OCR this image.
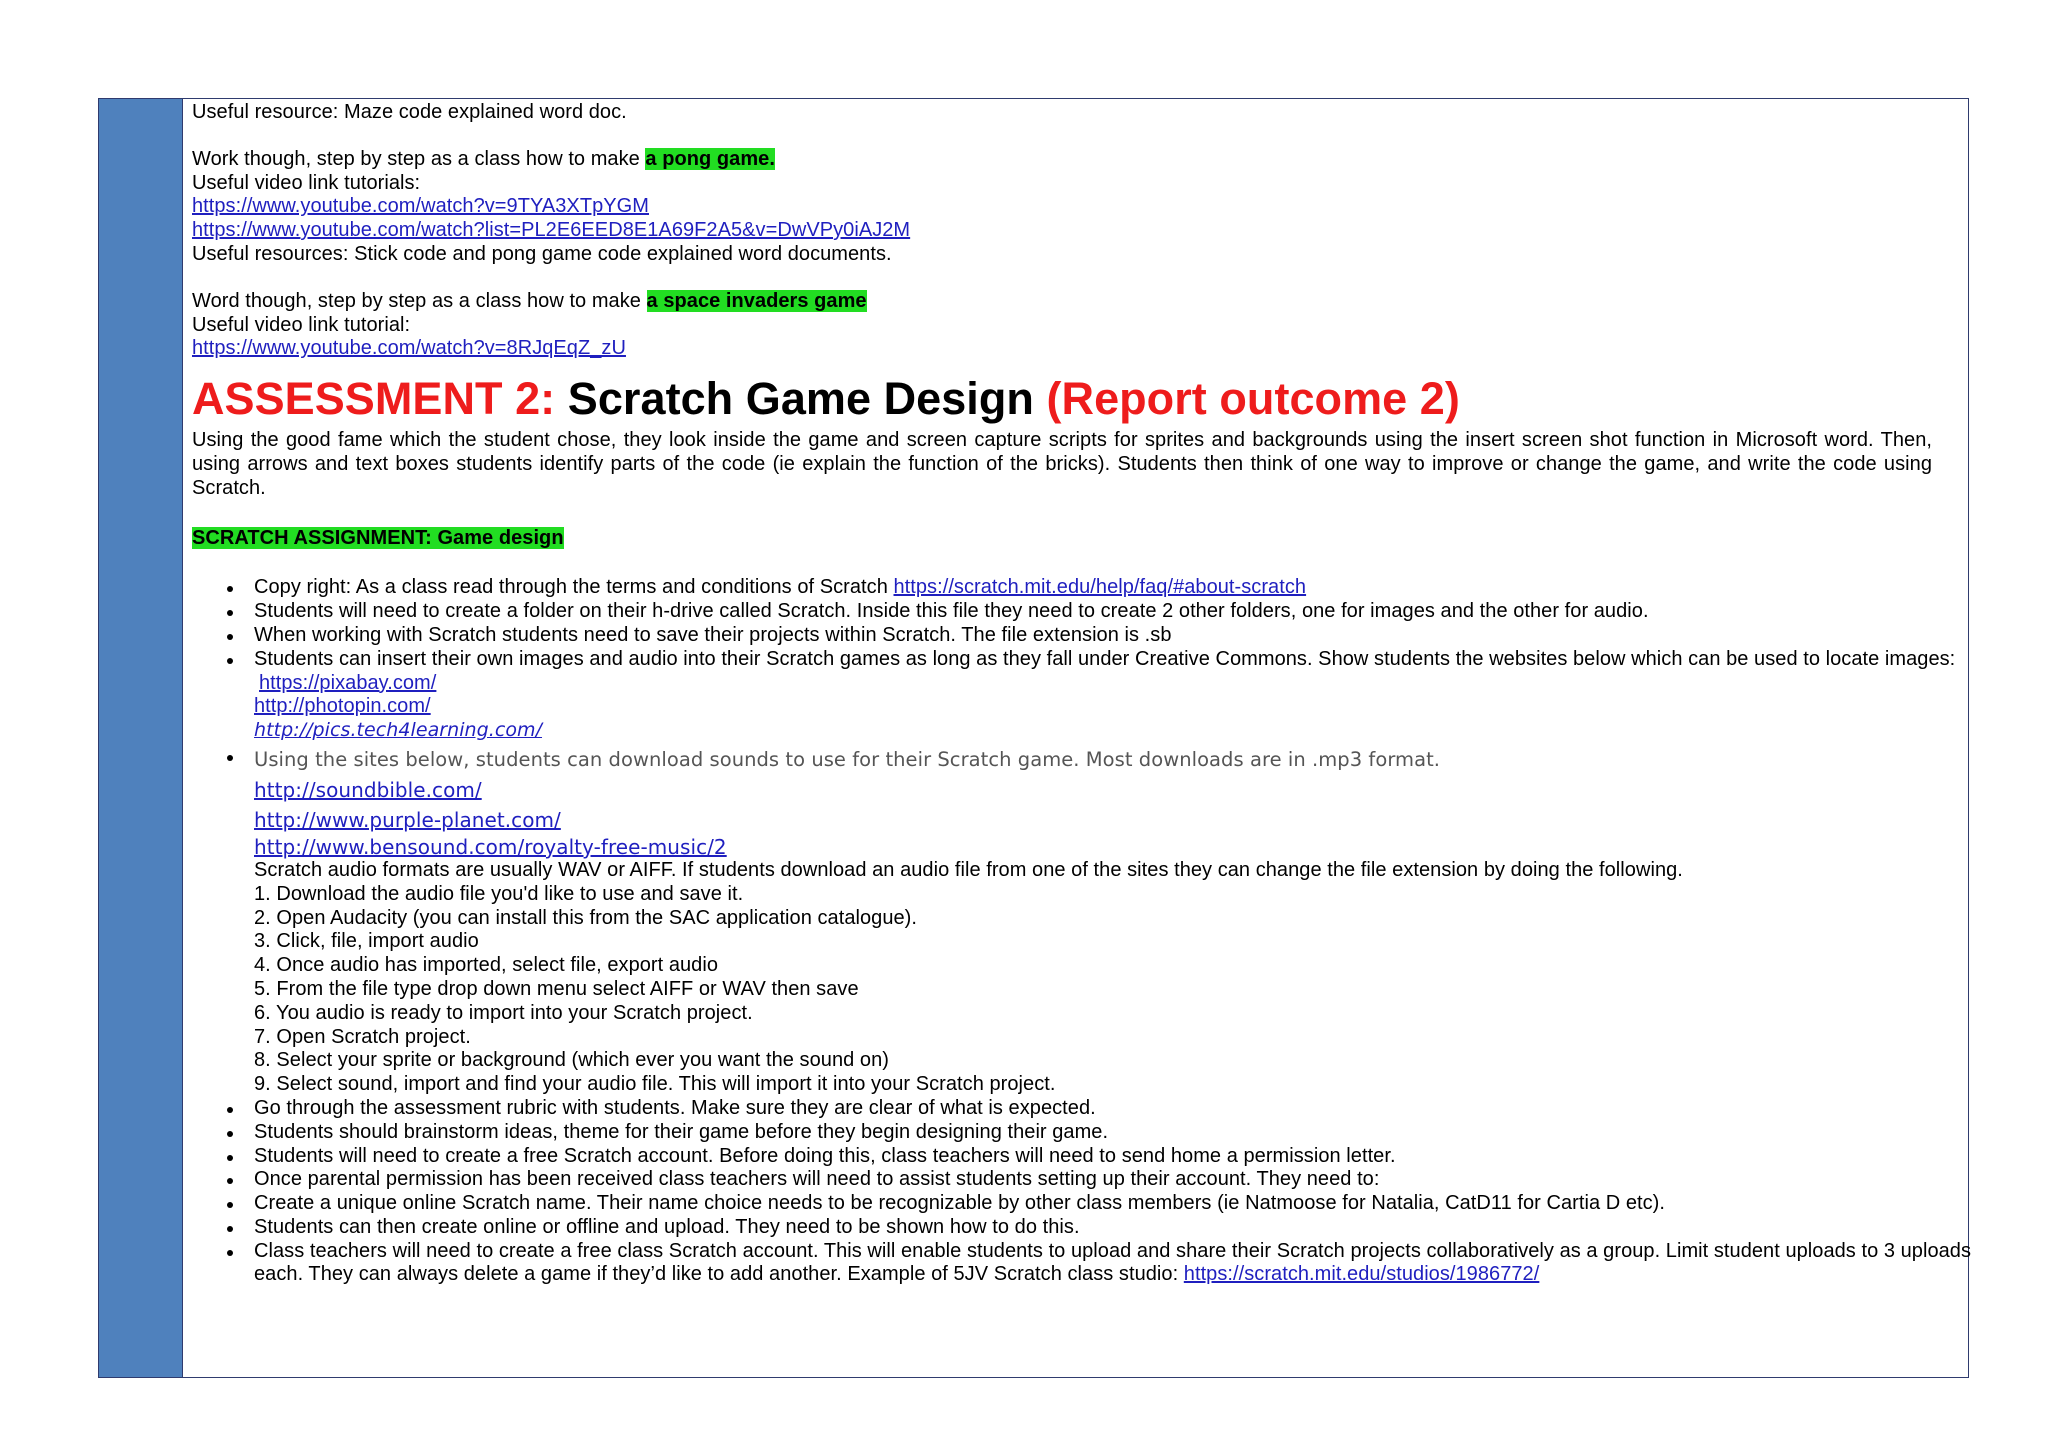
Useful resource: Maze code explained word doc.
Work though, step by step as a class how to make a pong game.
Useful video link tutorials:
https://www.youtube.com/watch?v=9TYA3XTpYGM
https://www.youtube.com/watch?list=PL2E6EED8E1A69F2A5&v=DwVPy0iAJ2M
Useful resources: Stick code and pong game code explained word documents.
Word though, step by step as a class how to make a space invaders game
Useful video link tutorial:
https://www.youtube.com/watch?v=8RJqEqZ_zU
ASSESSMENT 2: Scratch Game Design (Report outcome 2)
Using the good fame which the student chose, they look inside the game and screen capture scripts for sprites and backgrounds using the insert screen shot function in Microsoft word. Then, using arrows and text boxes students identify parts of the code (ie explain the function of the bricks). Students then think of one way to improve or change the game, and write the code using Scratch.
SCRATCH ASSIGNMENT: Game design
Copy right: As a class read through the terms and conditions of Scratch https://scratch.mit.edu/help/faq/#about-scratch
Students will need to create a folder on their h-drive called Scratch. Inside this file they need to create 2 other folders, one for images and the other for audio.
When working with Scratch students need to save their projects within Scratch. The file extension is .sb
Students can insert their own images and audio into their Scratch games as long as they fall under Creative Commons. Show students the websites below which can be used to locate images:
https://pixabay.com/
http://photopin.com/
http://pics.tech4learning.com/
Using the sites below, students can download sounds to use for their Scratch game. Most downloads are in .mp3 format.
http://soundbible.com/
http://www.purple-planet.com/
http://www.bensound.com/royalty-free-music/2
Scratch audio formats are usually WAV or AIFF. If students download an audio file from one of the sites they can change the file extension by doing the following.
1. Download the audio file you'd like to use and save it.
2. Open Audacity (you can install this from the SAC application catalogue).
3. Click, file, import audio
4. Once audio has imported, select file, export audio
5. From the file type drop down menu select AIFF or WAV then save
6. You audio is ready to import into your Scratch project.
7. Open Scratch project.
8. Select your sprite or background (which ever you want the sound on)
9. Select sound, import and find your audio file. This will import it into your Scratch project.
Go through the assessment rubric with students. Make sure they are clear of what is expected.
Students should brainstorm ideas, theme for their game before they begin designing their game.
Students will need to create a free Scratch account. Before doing this, class teachers will need to send home a permission letter.
Once parental permission has been received class teachers will need to assist students setting up their account. They need to:
Create a unique online Scratch name. Their name choice needs to be recognizable by other class members (ie Natmoose for Natalia, CatD11 for Cartia D etc).
Students can then create online or offline and upload. They need to be shown how to do this.
Class teachers will need to create a free class Scratch account. This will enable students to upload and share their Scratch projects collaboratively as a group. Limit student uploads to 3 uploads each. They can always delete a game if they’d like to add another. Example of 5JV Scratch class studio: https://scratch.mit.edu/studios/1986772/
